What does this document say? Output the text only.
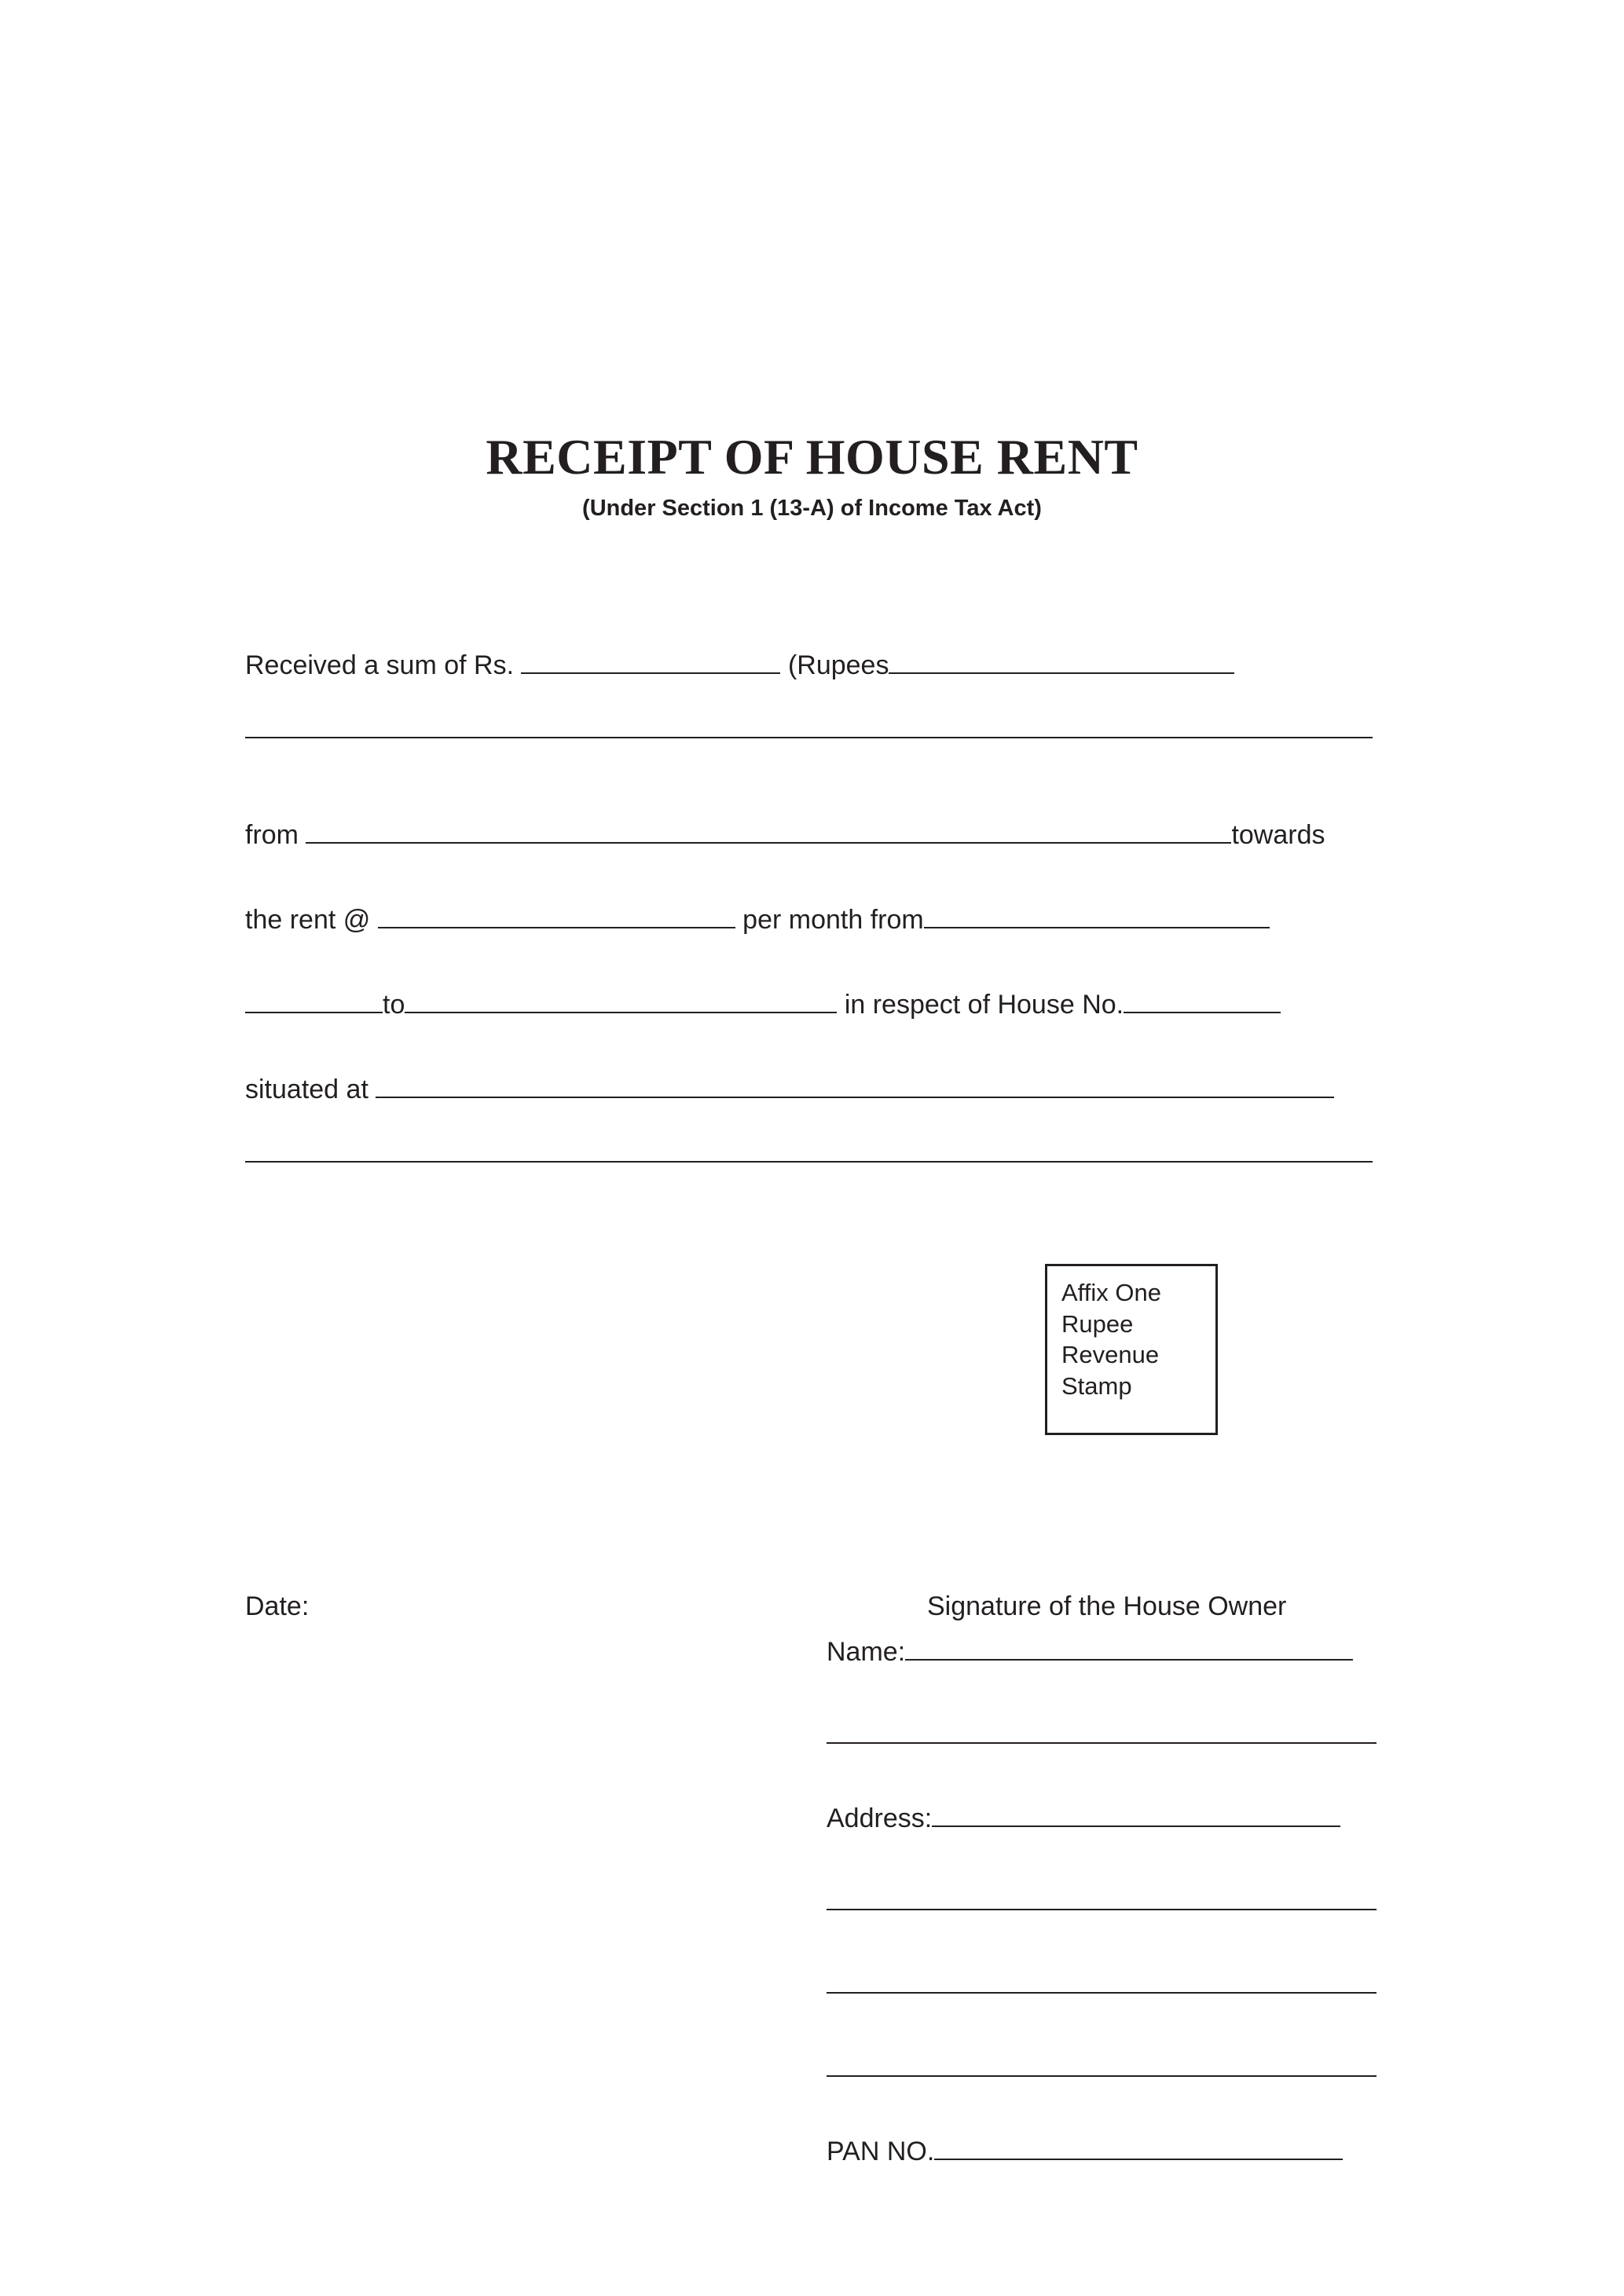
RECEIPT OF HOUSE RENT

(Under Section 1 (13-A) of Income Tax Act)

Received a sum of Rs.	(Rupees
from	towards
the rent @	per month from
to	in respect of House No.
situated at
Affix One
Rupee
Revenue
Stamp
Date:	Signature of the House Owner
Name:
Address:
PAN NO.
